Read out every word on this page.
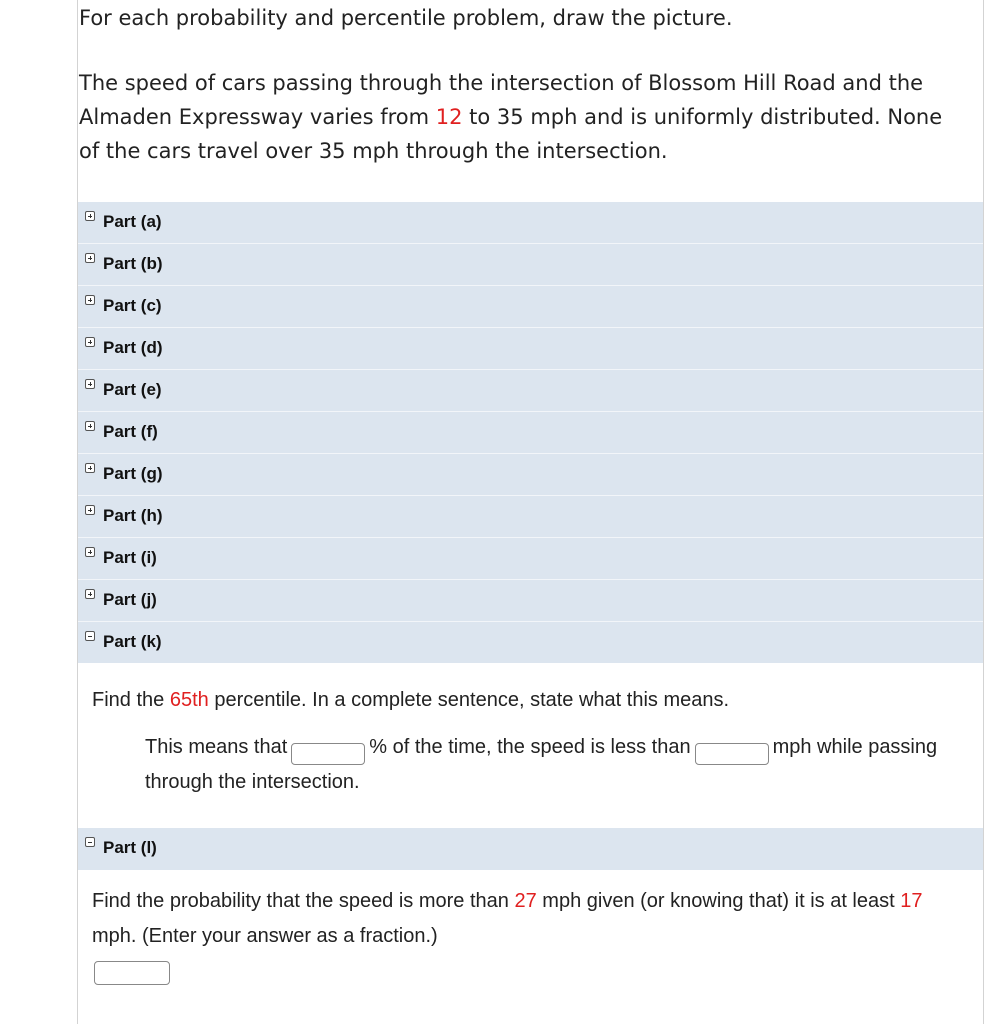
For each probability and percentile problem, draw the picture.
The speed of cars passing through the intersection of Blossom Hill Road and the Almaden Expressway varies from 12 to 35 mph and is uniformly distributed. None of the cars travel over 35 mph through the intersection.
Part (a)
Part (b)
Part (c)
Part (d)
Part (e)
Part (f)
Part (g)
Part (h)
Part (i)
Part (j)
Part (k)
Find the 65th percentile. In a complete sentence, state what this means.
This means that	% of the time, the speed is less than	mph while passing through the intersection.
Part (l)
Find the probability that the speed is more than 27 mph given (or knowing that) it is at least 17 mph. (Enter your answer as a fraction.)
